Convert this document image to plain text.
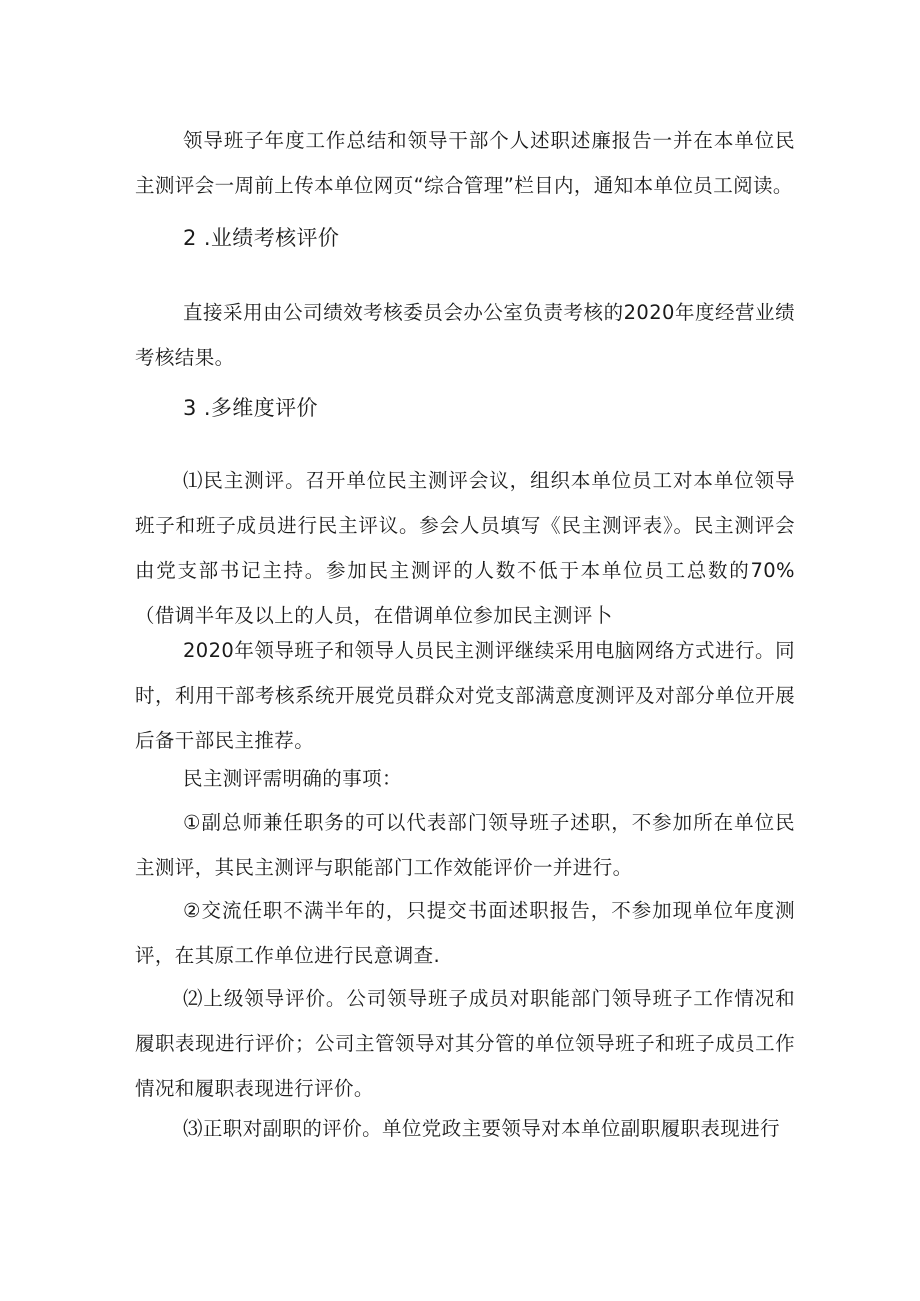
领导班子年度工作总结和领导干部个人述职述廉报告一并在本单位民主测评会一周前上传本单位网页“综合管理”栏目内，通知本单位员工阅读。

2 .业绩考核评价

直接采用由公司绩效考核委员会办公室负责考核的2020年度经营业绩考核结果。

3 .多维度评价

⑴民主测评。召开单位民主测评会议，组织本单位员工对本单位领导班子和班子成员进行民主评议。参会人员填写《民主测评表》。民主测评会由党支部书记主持。参加民主测评的人数不低于本单位员工总数的70%（借调半年及以上的人员，在借调单位参加民主测评卜

2020年领导班子和领导人员民主测评继续采用电脑网络方式进行。同时，利用干部考核系统开展党员群众对党支部满意度测评及对部分单位开展后备干部民主推荐。

民主测评需明确的事项：

①副总师兼任职务的可以代表部门领导班子述职，不参加所在单位民主测评，其民主测评与职能部门工作效能评价一并进行。

②交流任职不满半年的，只提交书面述职报告，不参加现单位年度测评，在其原工作单位进行民意调查.

⑵上级领导评价。公司领导班子成员对职能部门领导班子工作情况和履职表现进行评价；公司主管领导对其分管的单位领导班子和班子成员工作情况和履职表现进行评价。

⑶正职对副职的评价。单位党政主要领导对本单位副职履职表现进行
